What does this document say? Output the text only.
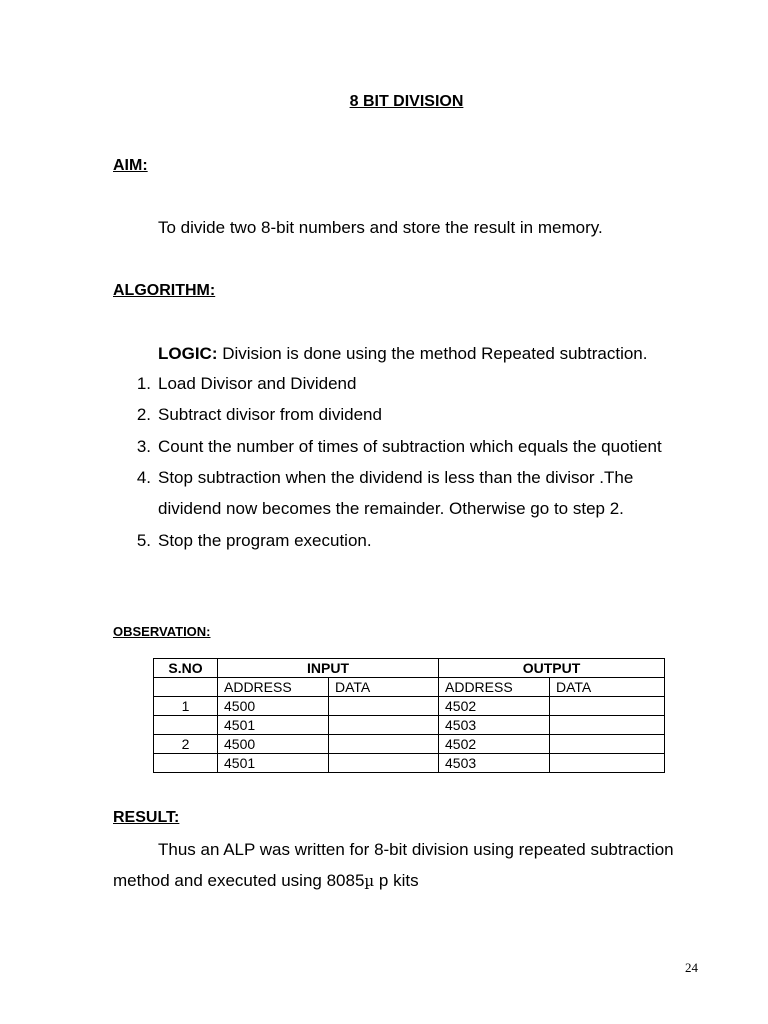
8 BIT DIVISION
AIM:
To divide two 8-bit numbers and store the result in memory.
ALGORITHM:
LOGIC: Division is done using the method Repeated subtraction.
1. Load Divisor and Dividend
2. Subtract divisor from dividend
3. Count the number of times of subtraction which equals the quotient
4. Stop subtraction when the dividend is less than the divisor .The
dividend now becomes the remainder. Otherwise go to step 2.
5. Stop the program execution.
OBSERVATION:
S.NO	INPUT		OUTPUT	
	ADDRESS	DATA	ADDRESS	DATA
1	4500		4502	
	4501		4503	
2	4500		4502	
	4501		4503	
RESULT:
Thus an ALP was written for 8-bit division using repeated subtraction
method and executed using 8085µ p kits
24
